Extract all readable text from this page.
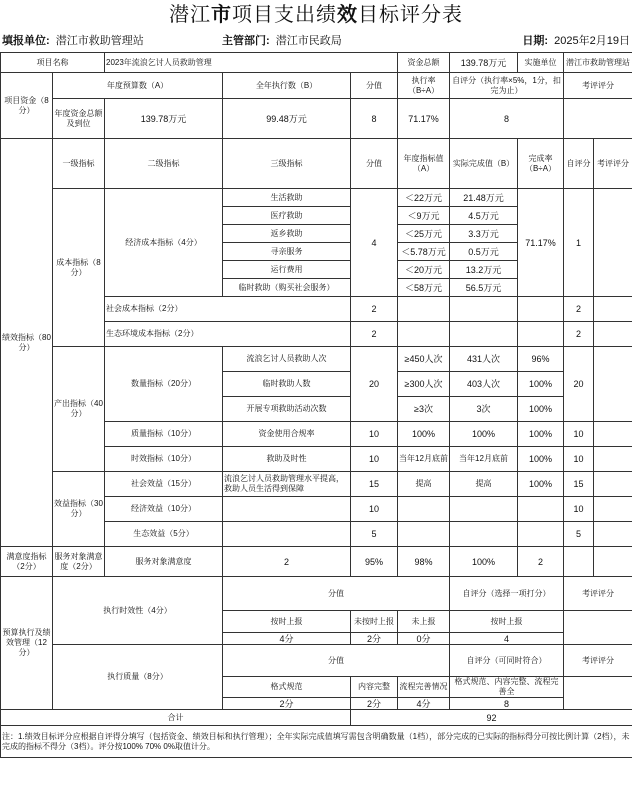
潜江市项目支出绩效目标评分表
填报单位: 潜江市救助管理站	主管部门: 潜江市民政局	日期: 2025年2月19日
项目名称		2023年流浪乞讨人员救助管理			资金总额	139.78万元	实施单位	潜江市救助管理站	
项目资金（8分）	年度预算数（A）		全年执行数（B）	分值	执行率（B÷A）	自评分（执行率×5%，1分，扣完为止）		考评评分	
	年度资金总额及到位	139.78万元	99.48万元	8	71.17%	8			
绩效指标（80分）	一级指标	二级指标	三级指标	分值	年度指标值（A）	实际完成值（B）	完成率（B÷A）	自评分	考评评分
	成本指标（8分）	经济成本指标（4分）	生活救助	4	＜22万元	21.48万元	71.17%	1	
			医疗救助		＜9万元	4.5万元			
			返乡救助		＜25万元	3.3万元			
			寻亲服务		＜5.78万元	0.5万元			
			运行费用		＜20万元	13.2万元			
			临时救助（购买社会服务）		＜58万元	56.5万元			
		社会成本指标（2分）		2				2	
		生态环境成本指标（2分）		2				2	
	产出指标（40分）	数量指标（20分）	流浪乞讨人员救助人次	20	≥450人次	431人次	96%	20	
			临时救助人数		≥300人次	403人次	100%		
			开展专项救助活动次数		≥3次	3次	100%		
		质量指标（10分）	资金使用合规率	10	100%	100%	100%	10	
		时效指标（10分）	救助及时性	10	当年12月底前	当年12月底前	100%	10	
	效益指标（30分）	社会效益（15分）	流浪乞讨人员救助管理水平提高，救助人员生活得到保障	15	提高	提高	100%	15	
		经济效益（10分）		10				10	
		生态效益（5分）		5				5	
满意度指标（2分）	服务对象满意度（2分）	服务对象满意度	2	95%	98%	100%	2		
预算执行及绩效管理（12分）	执行时效性（4分）		分值			自评分（选择一项打分）		考评评分	
			按时上报	未按时上报	未上报	按时上报			
			4分	2分	0分	4			
	执行质量（8分）		分值			自评分（可同时符合）		考评评分	
			格式规范	内容完整	流程完善情况	格式规范、内容完整、流程完善全			
			2分	2分	4分	8			
合计				92					
注：1.绩效目标评分应根据自评得分填写（包括资金、绩效目标和执行管理）；全年实际完成值填写需包含明确数量（1档），部分完成的已实际的指标得分可按比例计算（2档），未完成的指标不得分（3档）。评分按100% 70% 0%取值计分。									
